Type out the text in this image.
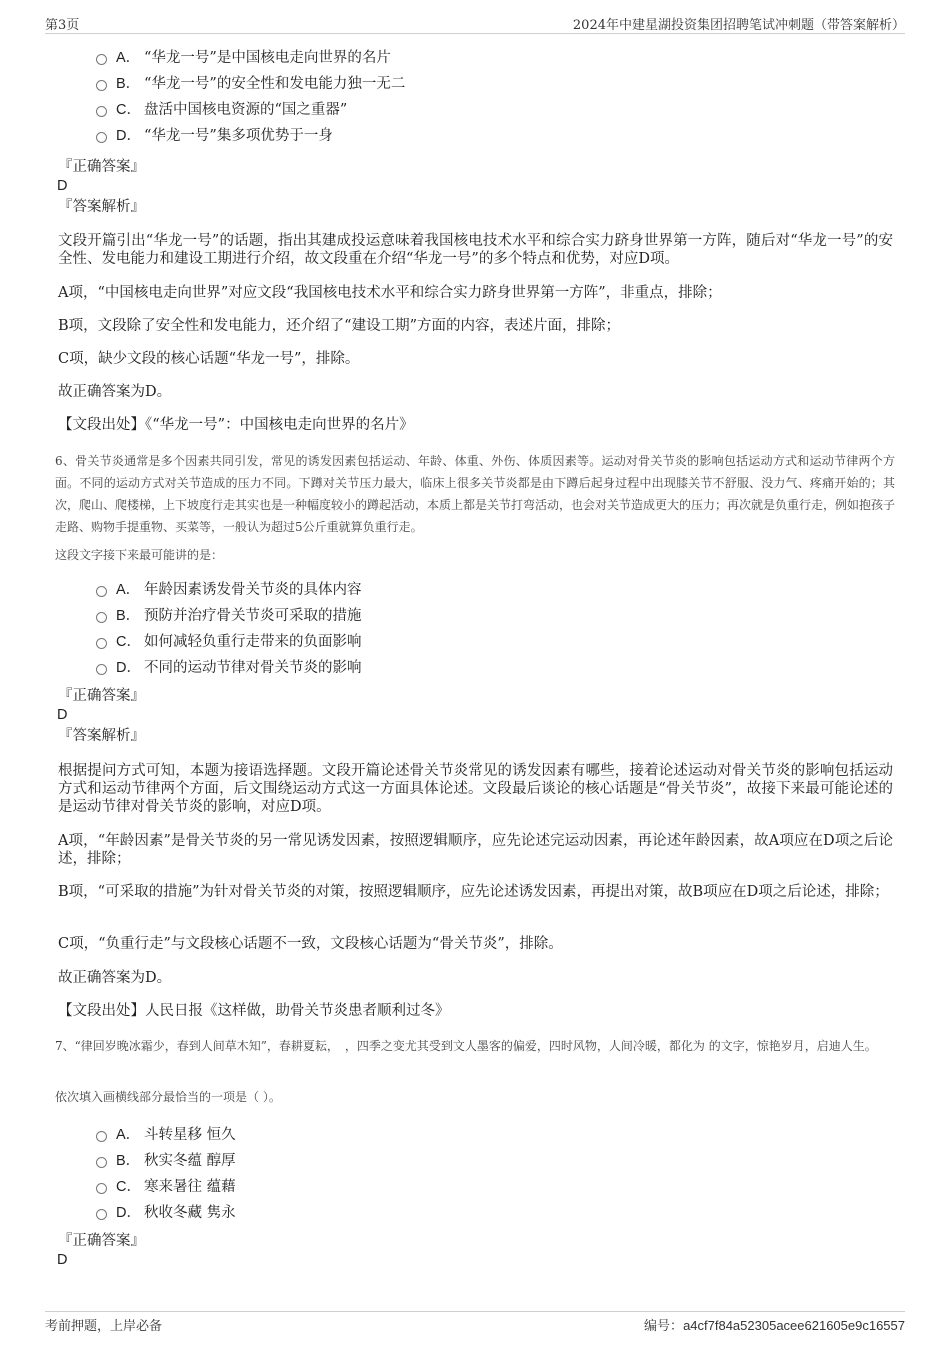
第3页	2024年中建星湖投资集团招聘笔试冲刺题（带答案解析）
A． “华龙一号”是中国核电走向世界的名片
B． “华龙一号”的安全性和发电能力独一无二
C． 盘活中国核电资源的“国之重器”
D． “华龙一号”集多项优势于一身
『正确答案』
D
『答案解析』
文段开篇引出“华龙一号”的话题，指出其建成投运意味着我国核电技术水平和综合实力跻身世界第一方阵，随后对“华龙一号”的安全性、发电能力和建设工期进行介绍，故文段重在介绍“华龙一号”的多个特点和优势，对应D项。
A项，“中国核电走向世界”对应文段“我国核电技术水平和综合实力跻身世界第一方阵”，非重点，排除；
B项，文段除了安全性和发电能力，还介绍了“建设工期”方面的内容，表述片面，排除；
C项，缺少文段的核心话题“华龙一号”，排除。
故正确答案为D。
【文段出处】《“华龙一号”：中国核电走向世界的名片》
6、骨关节炎通常是多个因素共同引发，常见的诱发因素包括运动、年龄、体重、外伤、体质因素等。运动对骨关节炎的影响包括运动方式和运动节律两个方面。不同的运动方式对关节造成的压力不同。下蹲对关节压力最大，临床上很多关节炎都是由下蹲后起身过程中出现膝关节不舒服、没力气、疼痛开始的；其次，爬山、爬楼梯，上下坡度行走其实也是一种幅度较小的蹲起活动，本质上都是关节打弯活动，也会对关节造成更大的压力；再次就是负重行走，例如抱孩子走路、购物手提重物、买菜等，一般认为超过5公斤重就算负重行走。
这段文字接下来最可能讲的是：
A． 年龄因素诱发骨关节炎的具体内容
B． 预防并治疗骨关节炎可采取的措施
C． 如何减轻负重行走带来的负面影响
D． 不同的运动节律对骨关节炎的影响
『正确答案』
D
『答案解析』
根据提问方式可知，本题为接语选择题。文段开篇论述骨关节炎常见的诱发因素有哪些，接着论述运动对骨关节炎的影响包括运动方式和运动节律两个方面，后文围绕运动方式这一方面具体论述。文段最后谈论的核心话题是“骨关节炎”，故接下来最可能论述的是运动节律对骨关节炎的影响，对应D项。
A项，“年龄因素”是骨关节炎的另一常见诱发因素，按照逻辑顺序，应先论述完运动因素，再论述年龄因素，故A项应在D项之后论述，排除；
B项，“可采取的措施”为针对骨关节炎的对策，按照逻辑顺序，应先论述诱发因素，再提出对策，故B项应在D项之后论述，排除；
C项，“负重行走”与文段核心话题不一致，文段核心话题为“骨关节炎”，排除。
故正确答案为D。
【文段出处】人民日报《这样做，助骨关节炎患者顺利过冬》
7、“律回岁晚冰霜少，春到人间草木知”，春耕夏耘，　，四季之变尤其受到文人墨客的偏爱，四时风物，人间冷暖，都化为 的文字，惊艳岁月，启迪人生。
依次填入画横线部分最恰当的一项是（ ）。
A． 斗转星移 恒久
B． 秋实冬蕴 醇厚
C． 寒来暑往 蕴藉
D． 秋收冬藏 隽永
『正确答案』
D
考前押题，上岸必备	编号：a4cf7f84a52305acee621605e9c16557
